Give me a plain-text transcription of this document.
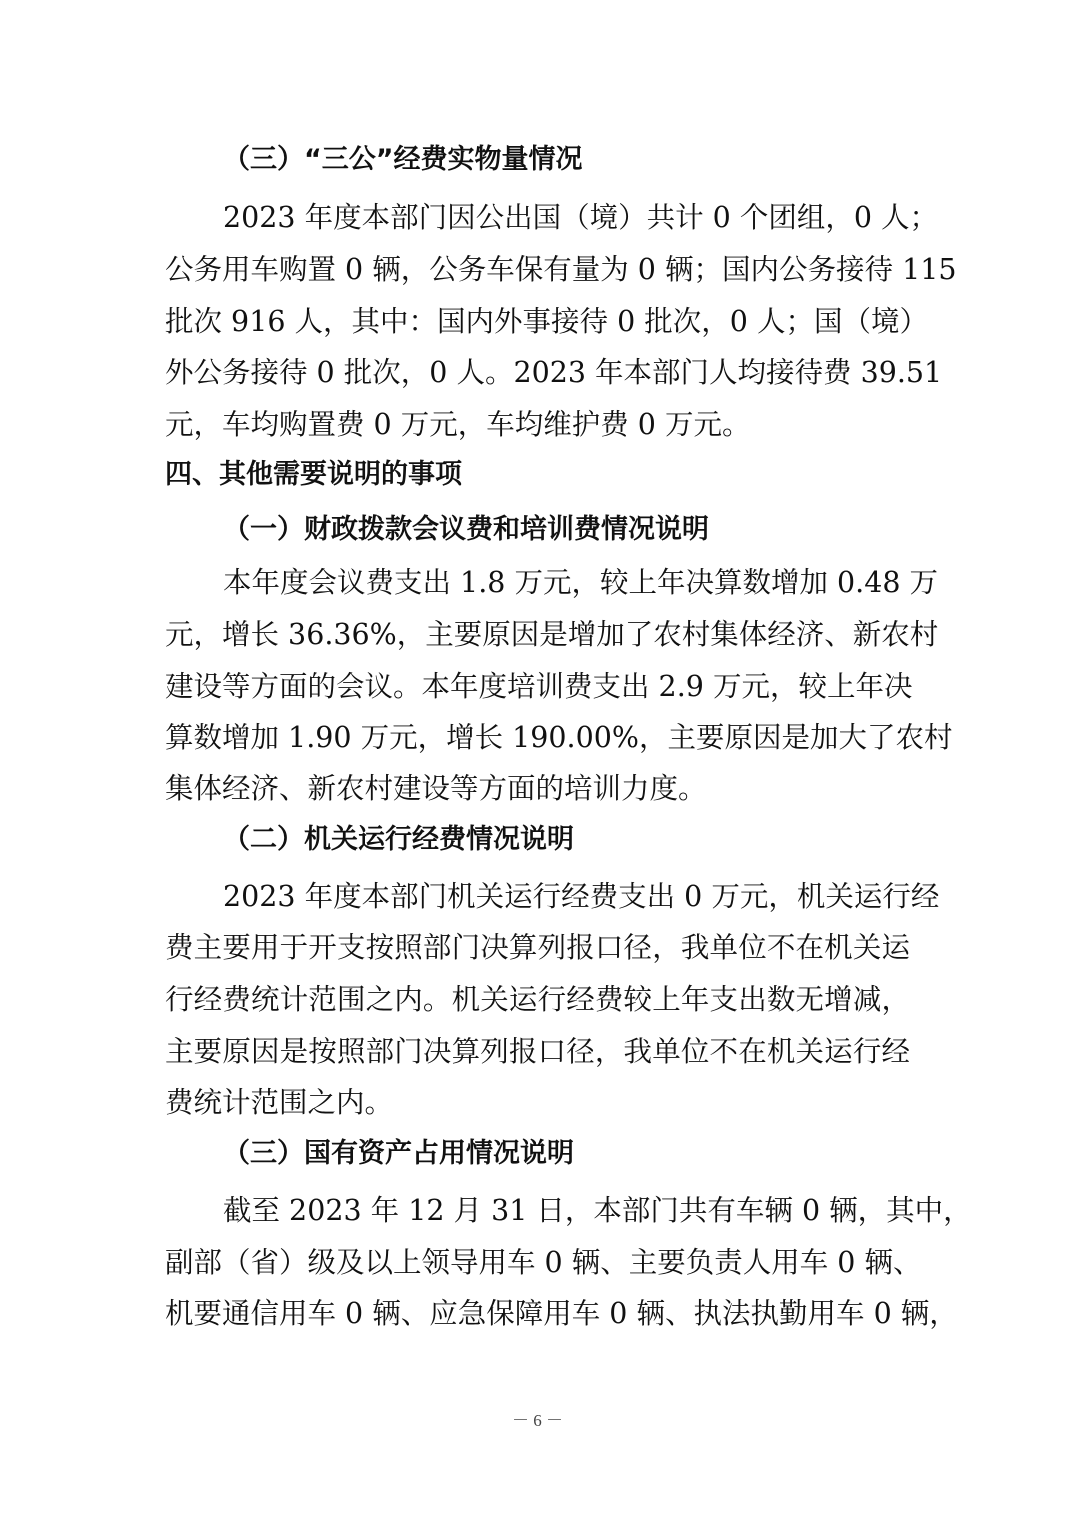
（三）“三公”经费实物量情况

2023 年度本部门因公出国（境）共计 0 个团组，0 人；

公务用车购置 0 辆，公务车保有量为 0 辆；国内公务接待 115

批次 916 人，其中：国内外事接待 0 批次，0 人；国（境）

外公务接待 0 批次，0 人。2023 年本部门人均接待费 39.51

元，车均购置费 0 万元，车均维护费 0 万元。

四、其他需要说明的事项

（一）财政拨款会议费和培训费情况说明

本年度会议费支出 1.8 万元，较上年决算数增加 0.48 万

元，增长 36.36%，主要原因是增加了农村集体经济、新农村

建设等方面的会议。本年度培训费支出 2.9 万元，较上年决

算数增加 1.90 万元，增长 190.00%，主要原因是加大了农村

集体经济、新农村建设等方面的培训力度。

（二）机关运行经费情况说明

2023 年度本部门机关运行经费支出 0 万元，机关运行经

费主要用于开支按照部门决算列报口径，我单位不在机关运

行经费统计范围之内。机关运行经费较上年支出数无增减，

主要原因是按照部门决算列报口径，我单位不在机关运行经

费统计范围之内。

（三）国有资产占用情况说明

截至 2023 年 12 月 31 日，本部门共有车辆 0 辆，其中，

副部（省）级及以上领导用车 0 辆、主要负责人用车 0 辆、

机要通信用车 0 辆、应急保障用车 0 辆、执法执勤用车 0 辆，

－ 6 －
